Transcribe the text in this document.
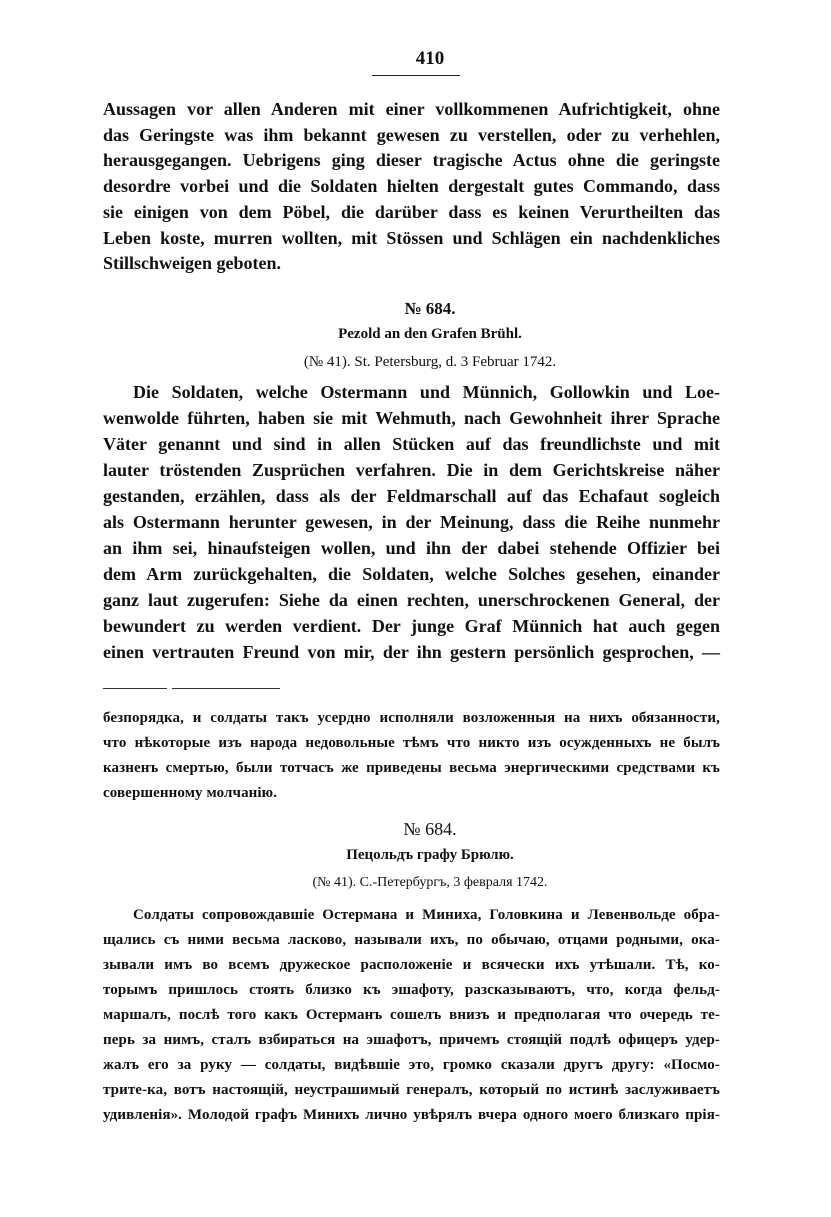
410
Aussagen vor allen Anderen mit einer vollkommenen Aufrichtigkeit, ohne
das Geringste was ihm bekannt gewesen zu verstellen, oder zu verhehlen,
herausgegangen. Uebrigens ging dieser tragische Actus ohne die geringste
desordre vorbei und die Soldaten hielten dergestalt gutes Commando, dass
sie einigen von dem Pöbel, die darüber dass es keinen Verurtheilten das
Leben koste, murren wollten, mit Stössen und Schlägen ein nachdenkliches
Stillschweigen geboten.
№ 684.
Pezold an den Grafen Brühl.
(№ 41). St. Petersburg, d. 3 Februar 1742.
Die Soldaten, welche Ostermann und Münnich, Gollowkin und Loe-
wenwolde führten, haben sie mit Wehmuth, nach Gewohnheit ihrer Sprache
Väter genannt und sind in allen Stücken auf das freundlichste und mit
lauter tröstenden Zusprüchen verfahren. Die in dem Gerichtskreise näher
gestanden, erzählen, dass als der Feldmarschall auf das Echafaut sogleich
als Ostermann herunter gewesen, in der Meinung, dass die Reihe nunmehr
an ihm sei, hinaufsteigen wollen, und ihn der dabei stehende Offizier bei
dem Arm zurückgehalten, die Soldaten, welche Solches gesehen, einander
ganz laut zugerufen: Siehe da einen rechten, unerschrockenen General, der
bewundert zu werden verdient. Der junge Graf Münnich hat auch gegen
einen vertrauten Freund von mir, der ihn gestern persönlich gesprochen, —
безпорядка, и солдаты такъ усердно исполняли возложенныя на нихъ обязанности,
что нѣкоторые изъ народа недовольные тѣмъ что никто изъ осужденныхъ не былъ
казненъ смертью, были тотчасъ же приведены весьма энергическими средствами къ
совершенному молчанію.
№ 684.
Пецольдъ графу Брюлю.
(№ 41). С.-Петербургъ, 3 февраля 1742.
Солдаты сопровождавшіе Остермана и Миниха, Головкина и Левенвольде обра-
щались съ ними весьма ласково, называли ихъ, по обычаю, отцами родными, ока-
зывали имъ во всемъ дружеское расположеніе и всячески ихъ утѣшали. Тѣ, ко-
торымъ пришлось стоять близко къ эшафоту, разсказываютъ, что, когда фельд-
маршалъ, послѣ того какъ Остерманъ сошелъ внизъ и предполагая что очередь те-
перь за нимъ, сталъ взбираться на эшафотъ, причемъ стоящій подлѣ офицеръ удер-
жалъ его за руку — солдаты, видѣвшіе это, громко сказали другъ другу: «Посмо-
трите-ка, вотъ настоящій, неустрашимый генералъ, который по истинѣ заслуживаетъ
удивленія». Молодой графъ Минихъ лично увѣрялъ вчера одного моего близкаго прія-
